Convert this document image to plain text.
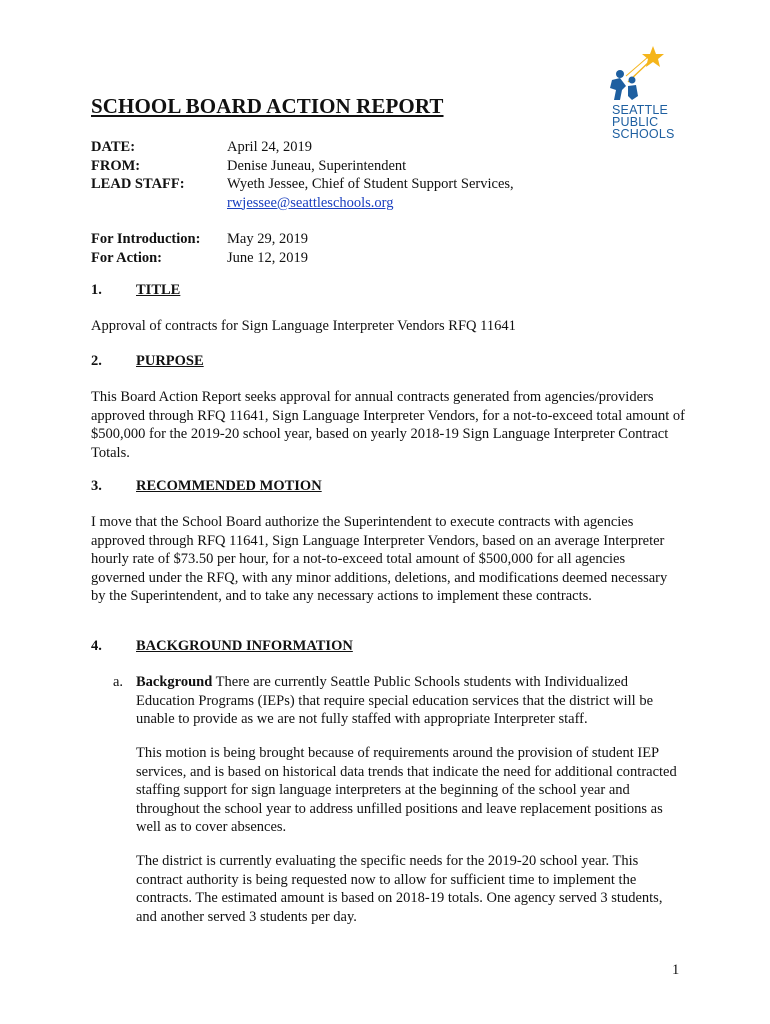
SEATTLE
PUBLIC
SCHOOLS
SCHOOL BOARD ACTION REPORT
DATE:	April 24, 2019
FROM:	Denise Juneau, Superintendent
LEAD STAFF:	Wyeth Jessee, Chief of Student Support Services,
rwjessee@seattleschools.org
For Introduction:	May 29, 2019
For Action:	June 12, 2019
1.	TITLE
Approval of contracts for Sign Language Interpreter Vendors RFQ 11641
2.	PURPOSE
This Board Action Report seeks approval for annual contracts generated from agencies/providers approved through RFQ 11641, Sign Language Interpreter Vendors, for a not-to-exceed total amount of $500,000 for the 2019-20 school year, based on yearly 2018-19 Sign Language Interpreter Contract Totals.
3.	RECOMMENDED MOTION
I move that the School Board authorize the Superintendent to execute contracts with agencies approved through RFQ 11641, Sign Language Interpreter Vendors, based on an average Interpreter hourly rate of $73.50 per hour, for a not-to-exceed total amount of $500,000 for all agencies governed under the RFQ, with any minor additions, deletions, and modifications deemed necessary by the Superintendent, and to take any necessary actions to implement these contracts.
4.	BACKGROUND INFORMATION
a. Background There are currently Seattle Public Schools students with Individualized Education Programs (IEPs) that require special education services that the district will be unable to provide as we are not fully staffed with appropriate Interpreter staff.
This motion is being brought because of requirements around the provision of student IEP services, and is based on historical data trends that indicate the need for additional contracted staffing support for sign language interpreters at the beginning of the school year and throughout the school year to address unfilled positions and leave replacement positions as well as to cover absences.
The district is currently evaluating the specific needs for the 2019-20 school year. This contract authority is being requested now to allow for sufficient time to implement the contracts. The estimated amount is based on 2018-19 totals. One agency served 3 students, and another served 3 students per day.
1
